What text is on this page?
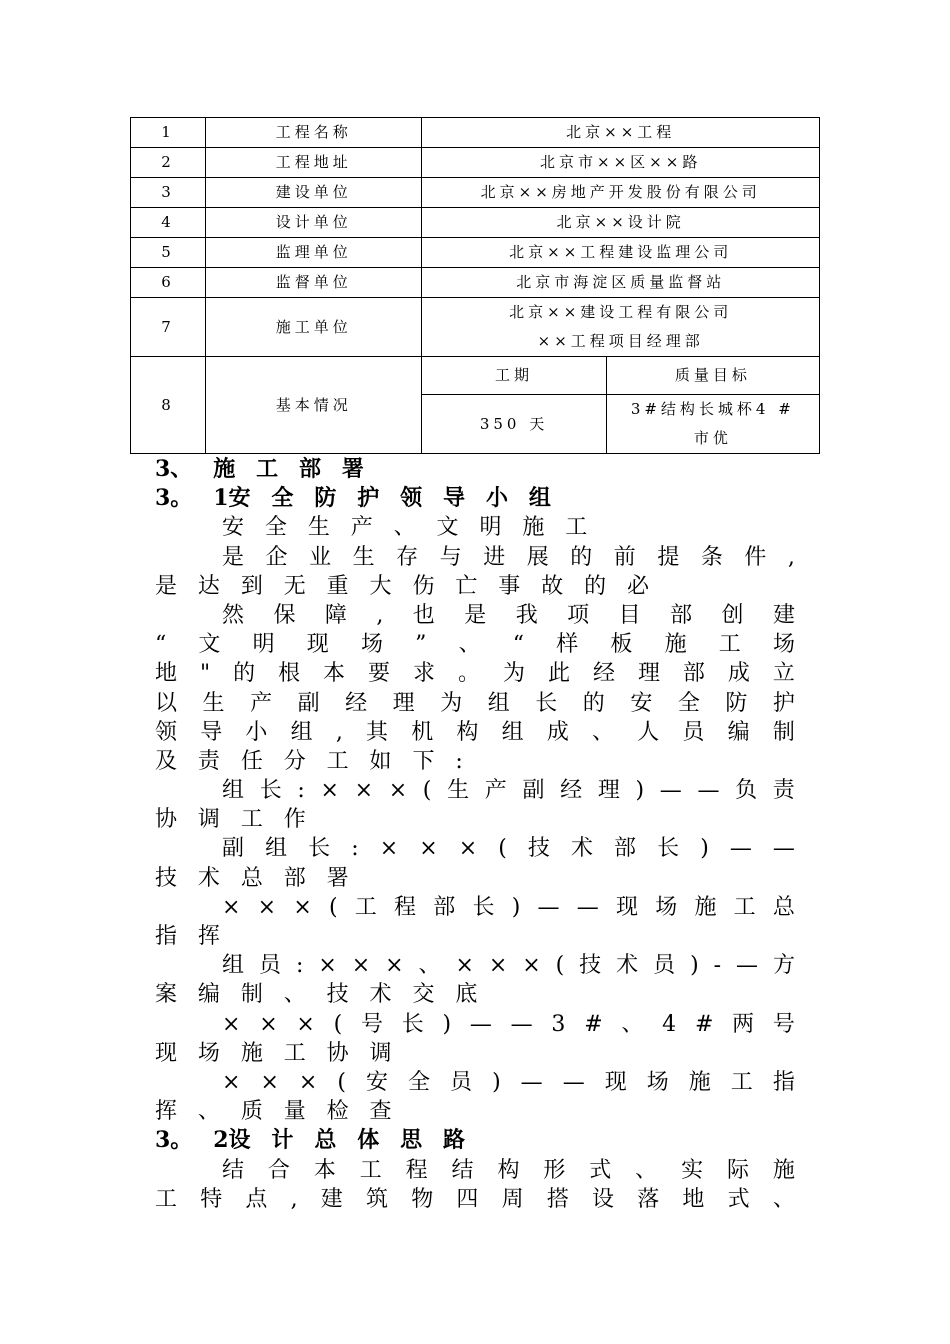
1	工程名称	北京××工程	
2	工程地址	北京市××区××路	
3	建设单位	北京××房地产开发股份有限公司	
4	设计单位	北京××设计院	
5	监理单位	北京××工程建设监理公司	
6	监督单位	北京市海淀区质量监督站	
7	施工单位	北京××建设工程有限公司
××工程项目经理部	

8	基本情况	工期	质量目标
		350 天	3#结构长城杯4 #
市优
3、 施 工 部 署
3。 1安 全 防 护 领 导 小 组
安 全 生 产 、 文 明 施 工
是 企 业 生 存 与 进 展 的 前 提 条 件 ,
是 达 到 无 重 大 伤 亡 事 故 的 必
然 保 障 , 也 是 我 项 目 部 创 建
“ 文 明 现 场 ” 、 “ 样 板 施 工 场
地 " 的 根 本 要 求 。 为 此 经 理 部 成 立
以 生 产 副 经 理 为 组 长 的 安 全 防 护
领 导 小 组 , 其 机 构 组 成 、 人 员 编 制
及 责 任 分 工 如 下 :
组 长 : × × × ( 生 产 副 经 理 ) — — 负 责
协 调 工 作
副 组 长 : × × × ( 技 术 部 长 ) — —
技 术 总 部 署
× × × ( 工 程 部 长 ) — — 现 场 施 工 总
指 挥
组 员 : × × × 、 × × × ( 技 术 员 ) - — 方
案 编 制 、 技 术 交 底
× × × ( 号 长 ) — — 3 # 、 4 # 两 号
现 场 施 工 协 调
× × × ( 安 全 员 ) — — 现 场 施 工 指
挥 、 质 量 检 查
3。 2设 计 总 体 思 路
结 合 本 工 程 结 构 形 式 、 实 际 施
工 特 点 , 建 筑 物 四 周 搭 设 落 地 式 、
